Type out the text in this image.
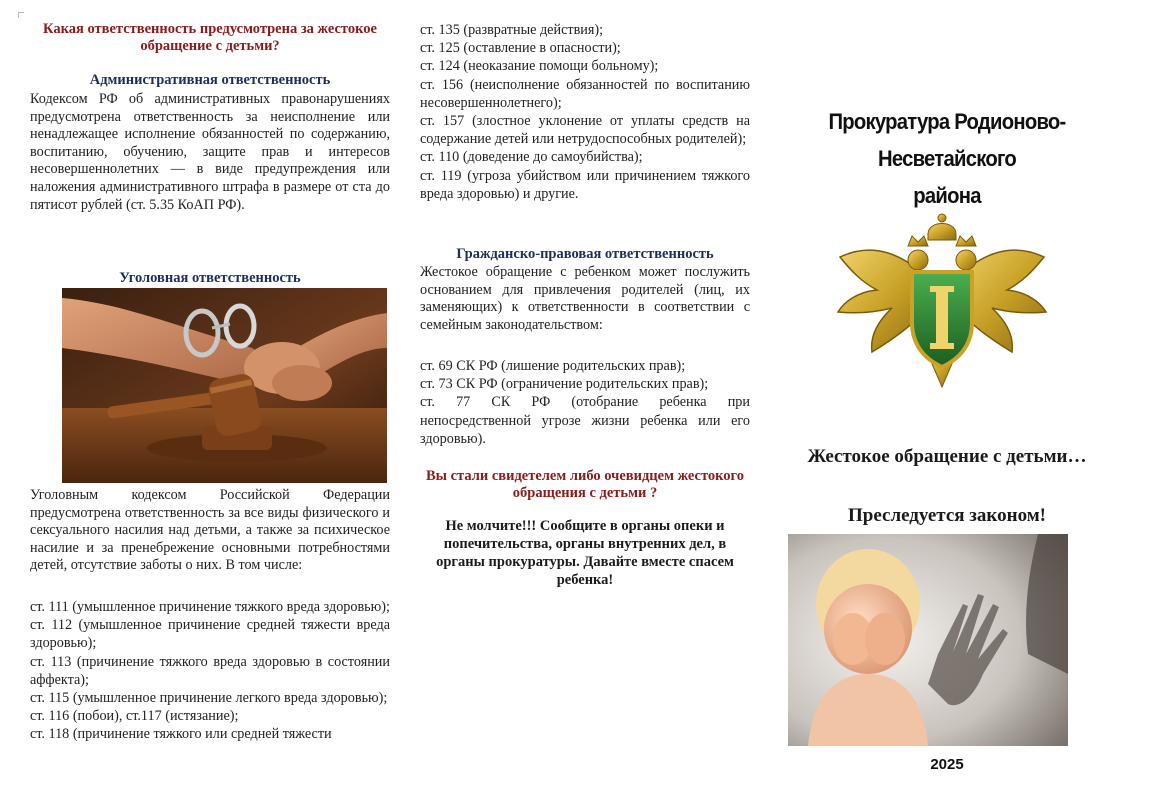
Какая ответственность предусмотрена за жестокое обращение с детьми?
Административная ответственность
Кодексом РФ об административных правонарушениях предусмотрена ответственность за неисполнение или ненадлежащее исполнение обязанностей по содержанию, воспитанию, обучению, защите прав и интересов несовершеннолетних — в виде предупреждения или наложения административного штрафа в размере от ста до пятисот рублей (ст. 5.35 КоАП РФ).
Уголовная ответственность
Уголовным кодексом Российской Федерации предусмотрена ответственность за все виды физического и сексуального насилия над детьми, а также за психическое насилие и за пренебрежение основными потребностями детей, отсутствие заботы о них. В том числе:
ст. 111 (умышленное причинение тяжкого вреда здоровью);
ст. 112 (умышленное причинение средней тяжести вреда здоровью);
ст. 113 (причинение тяжкого вреда здоровью в состоянии аффекта);
ст. 115 (умышленное причинение легкого вреда здоровью);
ст. 116 (побои), ст.117 (истязание);
ст. 118 (причинение тяжкого или средней тяжести
ст. 135 (развратные действия);
ст. 125 (оставление в опасности);
ст. 124 (неоказание помощи больному);
ст. 156 (неисполнение обязанностей по воспитанию несовершеннолетнего);
ст. 157 (злостное уклонение от уплаты средств на содержание детей или нетрудоспособных родителей);
ст. 110 (доведение до самоубийства);
ст. 119 (угроза убийством или причинением тяжкого вреда здоровью) и другие.
Гражданско-правовая ответственность
Жестокое обращение с ребенком может послужить основанием для привлечения родителей (лиц, их заменяющих) к ответственности в соответствии с семейным законодательством:
ст. 69 СК РФ (лишение родительских прав);
ст. 73 СК РФ (ограничение родительских прав);
ст. 77 СК РФ (отобрание ребенка при непосредственной угрозе жизни ребенка или его здоровью).
Вы стали свидетелем либо очевидцем жестокого обращения с детьми ?
Не молчите!!! Сообщите в органы опеки и попечительства, органы внутренних дел, в органы прокуратуры. Давайте вместе спасем ребенка!
Прокуратура Родионово-Несветайского
района
Жестокое обращение с детьми…
Преследуется законом!
2025
